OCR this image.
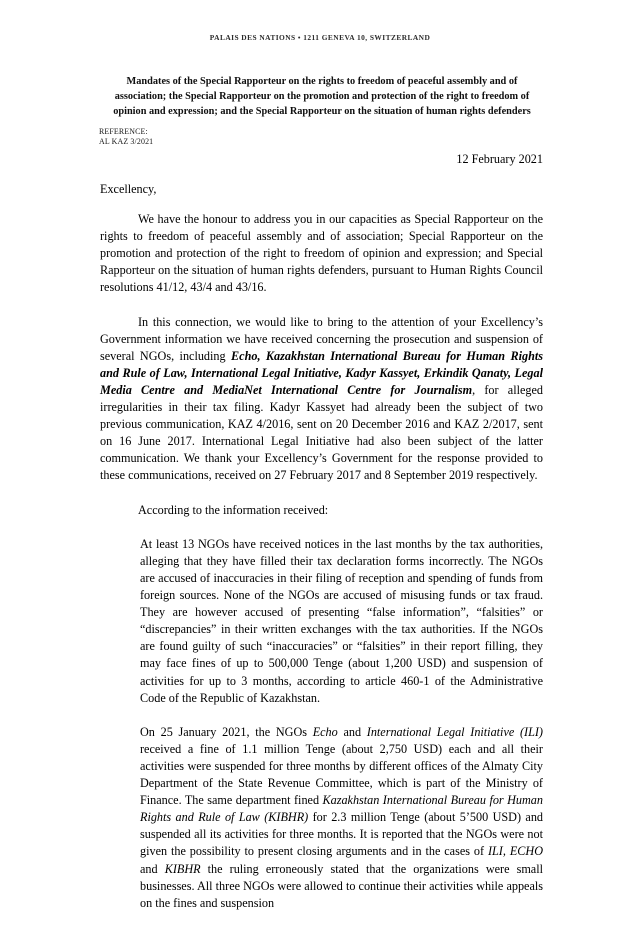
PALAIS DES NATIONS • 1211 GENEVA 10, SWITZERLAND
Mandates of the Special Rapporteur on the rights to freedom of peaceful assembly and of association; the Special Rapporteur on the promotion and protection of the right to freedom of opinion and expression; and the Special Rapporteur on the situation of human rights defenders
REFERENCE:
AL KAZ 3/2021
12 February 2021
Excellency,

We have the honour to address you in our capacities as Special Rapporteur on the rights to freedom of peaceful assembly and of association; Special Rapporteur on the promotion and protection of the right to freedom of opinion and expression; and Special Rapporteur on the situation of human rights defenders, pursuant to Human Rights Council resolutions 41/12, 43/4 and 43/16.

In this connection, we would like to bring to the attention of your Excellency’s Government information we have received concerning the prosecution and suspension of several NGOs, including Echo, Kazakhstan International Bureau for Human Rights and Rule of Law, International Legal Initiative, Kadyr Kassyet, Erkindik Qanaty, Legal Media Centre and MediaNet International Centre for Journalism, for alleged irregularities in their tax filing. Kadyr Kassyet had already been the subject of two previous communication, KAZ 4/2016, sent on 20 December 2016 and KAZ 2/2017, sent on 16 June 2017. International Legal Initiative had also been subject of the latter communication. We thank your Excellency’s Government for the response provided to these communications, received on 27 February 2017 and 8 September 2019 respectively.

According to the information received:

At least 13 NGOs have received notices in the last months by the tax authorities, alleging that they have filled their tax declaration forms incorrectly. The NGOs are accused of inaccuracies in their filing of reception and spending of funds from foreign sources. None of the NGOs are accused of misusing funds or tax fraud. They are however accused of presenting “false information”, “falsities” or “discrepancies” in their written exchanges with the tax authorities. If the NGOs are found guilty of such “inaccuracies” or “falsities” in their report filling, they may face fines of up to 500,000 Tenge (about 1,200 USD) and suspension of activities for up to 3 months, according to article 460-1 of the Administrative Code of the Republic of Kazakhstan.

On 25 January 2021, the NGOs Echo and International Legal Initiative (ILI) received a fine of 1.1 million Tenge (about 2,750 USD) each and all their activities were suspended for three months by different offices of the Almaty City Department of the State Revenue Committee, which is part of the Ministry of Finance. The same department fined Kazakhstan International Bureau for Human Rights and Rule of Law (KIBHR) for 2.3 million Tenge (about 5’500 USD) and suspended all its activities for three months. It is reported that the NGOs were not given the possibility to present closing arguments and in the cases of ILI, ECHO and KIBHR the ruling erroneously stated that the organizations were small businesses. All three NGOs were allowed to continue their activities while appeals on the fines and suspension
